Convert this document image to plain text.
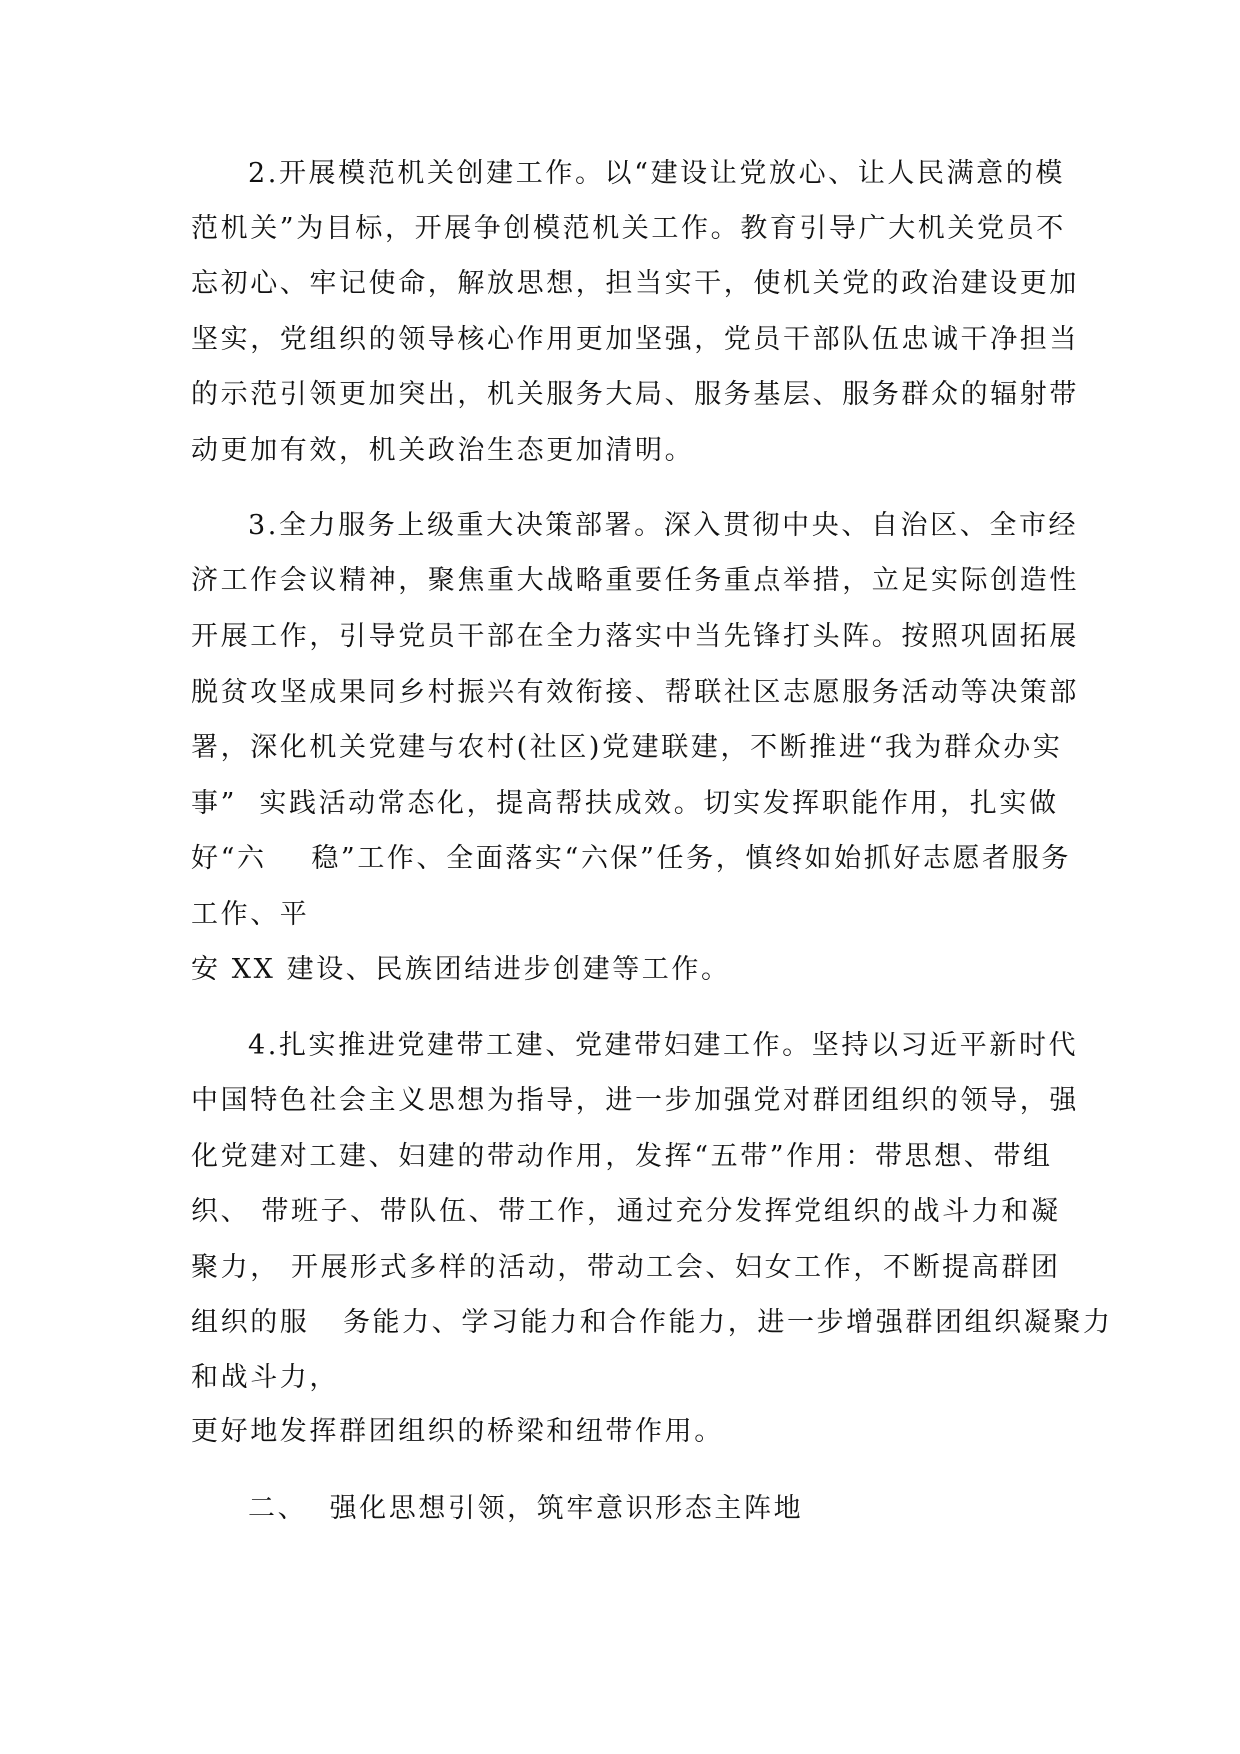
2.开展模范机关创建工作。以“建设让党放心、让人民满意的模
范机关”为目标，开展争创模范机关工作。教育引导广大机关党员不
忘初心、牢记使命，解放思想，担当实干，使机关党的政治建设更加
坚实，党组织的领导核心作用更加坚强，党员干部队伍忠诚干净担当
的示范引领更加突出，机关服务大局、服务基层、服务群众的辐射带
动更加有效，机关政治生态更加清明。
3.全力服务上级重大决策部署。深入贯彻中央、自治区、全市经
济工作会议精神，聚焦重大战略重要任务重点举措，立足实际创造性
开展工作，引导党员干部在全力落实中当先锋打头阵。按照巩固拓展
脱贫攻坚成果同乡村振兴有效衔接、帮联社区志愿服务活动等决策部
署，深化机关党建与农村(社区)党建联建，不断推进“我为群众办实
事”  实践活动常态化，提高帮扶成效。切实发挥职能作用，扎实做
好“六    稳”工作、全面落实“六保”任务，慎终如始抓好志愿者服务
工作、平
安 XX 建设、民族团结进步创建等工作。
4.扎实推进党建带工建、党建带妇建工作。坚持以习近平新时代
中国特色社会主义思想为指导，进一步加强党对群团组织的领导，强
化党建对工建、妇建的带动作用，发挥“五带”作用：带思想、带组
织、 带班子、带队伍、带工作，通过充分发挥党组织的战斗力和凝
聚力， 开展形式多样的活动，带动工会、妇女工作，不断提高群团
组织的服   务能力、学习能力和合作能力，进一步增强群团组织凝聚力
和战斗力，
更好地发挥群团组织的桥梁和纽带作用。
二、  强化思想引领，筑牢意识形态主阵地
